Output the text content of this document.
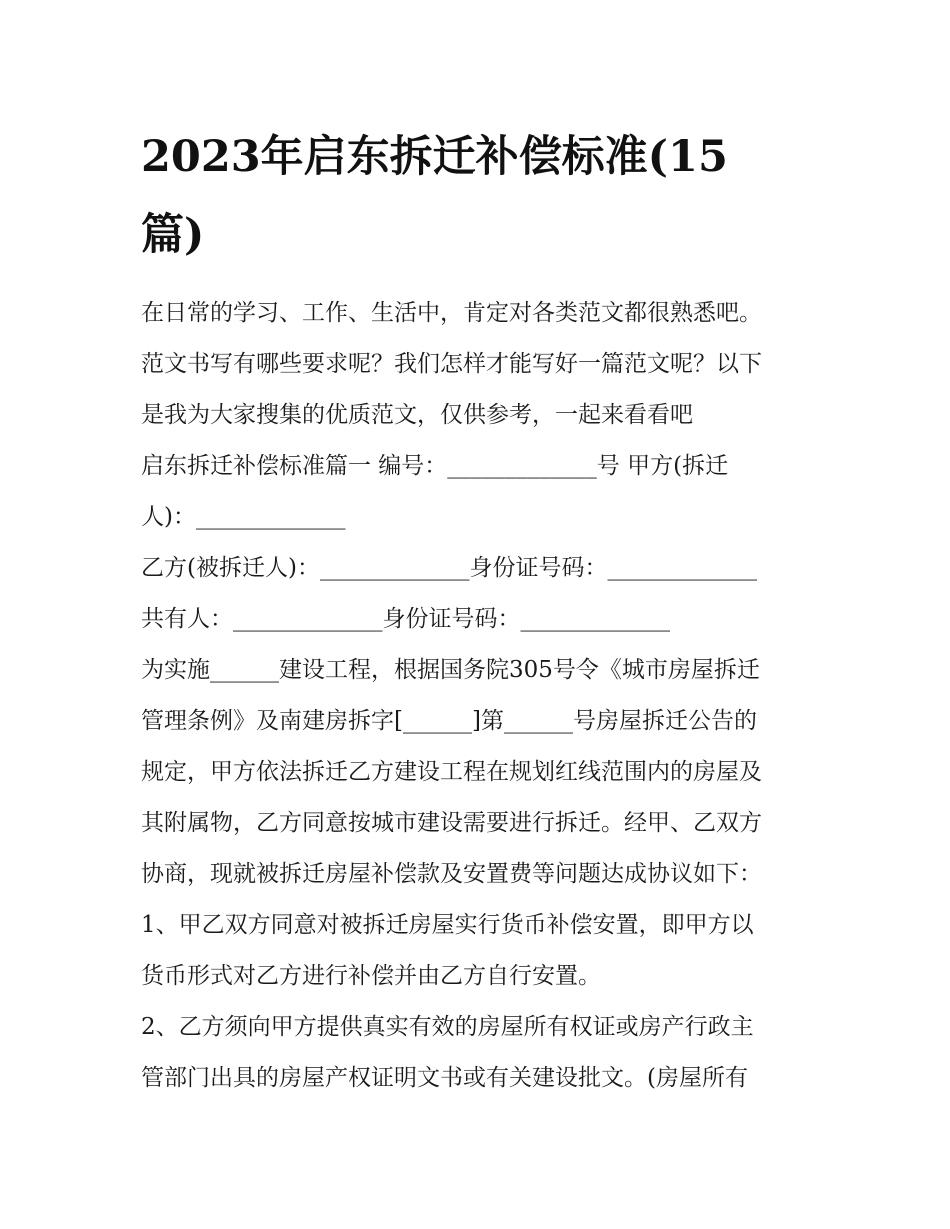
2023年启东拆迁补偿标准(15
篇)
在日常的学习、工作、生活中，肯定对各类范文都很熟悉吧。
范文书写有哪些要求呢？我们怎样才能写好一篇范文呢？以下
是我为大家搜集的优质范文，仅供参考，一起来看看吧
启东拆迁补偿标准篇一 编号：_____________号 甲方(拆迁
人)：_____________
乙方(被拆迁人)：_____________身份证号码：_____________
共有人：_____________身份证号码：_____________
为实施______建设工程，根据国务院305号令《城市房屋拆迁
管理条例》及南建房拆字[______]第______号房屋拆迁公告的
规定，甲方依法拆迁乙方建设工程在规划红线范围内的房屋及
其附属物，乙方同意按城市建设需要进行拆迁。经甲、乙双方
协商，现就被拆迁房屋补偿款及安置费等问题达成协议如下：
1、甲乙双方同意对被拆迁房屋实行货币补偿安置，即甲方以
货币形式对乙方进行补偿并由乙方自行安置。
2、乙方须向甲方提供真实有效的房屋所有权证或房产行政主
管部门出具的房屋产权证明文书或有关建设批文。(房屋所有
